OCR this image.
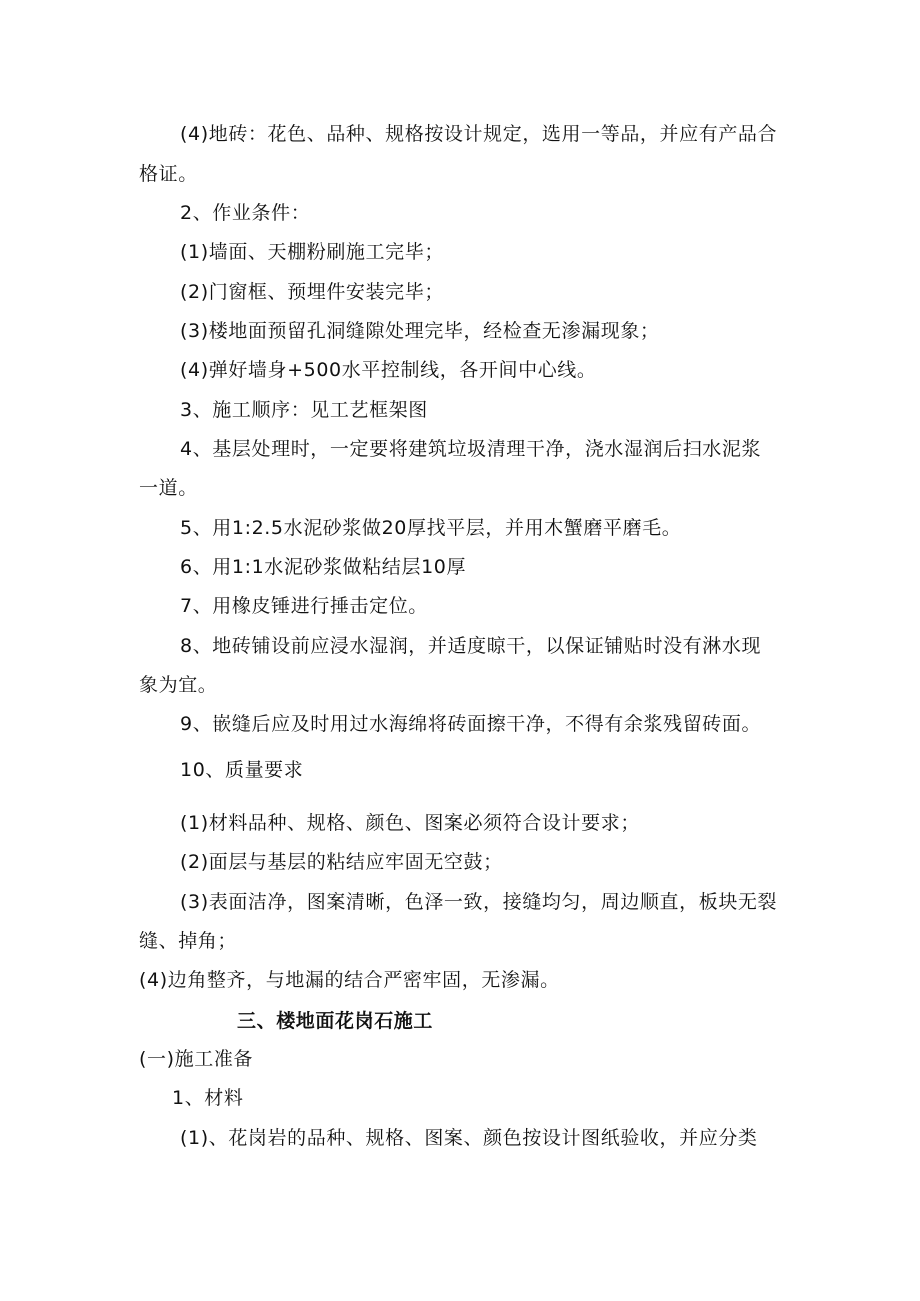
(4)地砖：花色、品种、规格按设计规定，选用一等品，并应有产品合
格证。
2、作业条件：
(1)墙面、天棚粉刷施工完毕；
(2)门窗框、预埋件安装完毕；
(3)楼地面预留孔洞缝隙处理完毕，经检查无渗漏现象；
(4)弹好墙身+500水平控制线，各开间中心线。
3、施工顺序：见工艺框架图
4、基层处理时，一定要将建筑垃圾清理干净，浇水湿润后扫水泥浆
一道。
5、用1:2.5水泥砂浆做20厚找平层，并用木蟹磨平磨毛。
6、用1:1水泥砂浆做粘结层10厚
7、用橡皮锤进行捶击定位。
8、地砖铺设前应浸水湿润，并适度晾干，以保证铺贴时没有淋水现
象为宜。
9、嵌缝后应及时用过水海绵将砖面擦干净，不得有余浆残留砖面。
10、质量要求
(1)材料品种、规格、颜色、图案必须符合设计要求；
(2)面层与基层的粘结应牢固无空鼓；
(3)表面洁净，图案清晰，色泽一致，接缝均匀，周边顺直，板块无裂
缝、掉角；
(4)边角整齐，与地漏的结合严密牢固，无渗漏。
三、楼地面花岗石施工
(一)施工准备
1、材料
(1)、花岗岩的品种、规格、图案、颜色按设计图纸验收，并应分类
